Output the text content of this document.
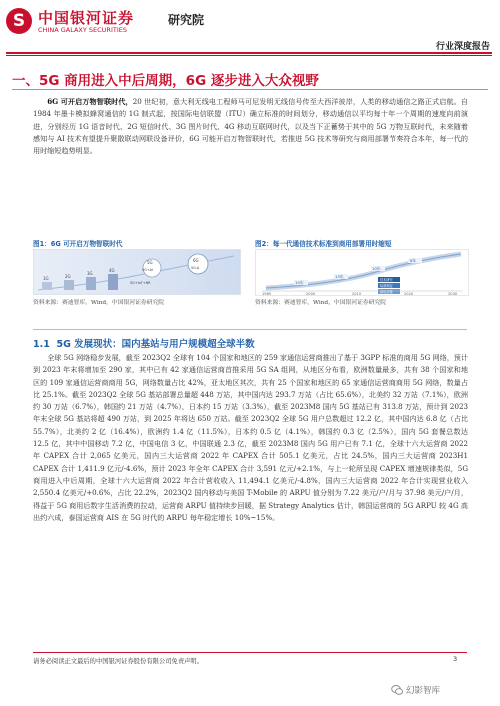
S 中国银河证券
CHINA GALAXY SECURITIES
研究院
行业深度报告
一、5G 商用进入中后周期，6G 逐步进入大众视野

6G 可开启万物智联时代，20 世纪初，意大利无线电工程师马可尼发明无线信号传至大西洋彼岸，人类的移动通信之路正式启航。自 1984 年墨卡模拟蜂窝通信的 1G 制式起，按国际电信联盟（ITU）确立标准的时间划分，移动通信以平均每十年一个周期的速度向前演进，分别经历 1G 语音时代、2G 短信时代、3G 图片时代、4G 移动互联网时代，以及当下正蓄势于其中的 5G 万物互联时代，未来随着感知与 AI 技术有望提升聚散联动网联设备评价，6G 可能开启万物智联时代，若推进 5G 技术等研究与商用部署节奏符合本年，每一代的用时缩短趋势明显。

图1：6G 可开启万物智联时代	图2：每一代通信技术标准到商用部署用时缩短
1G	2G
3G
4G
5G
5G+AI
6G
5G-A
5G+IoT+NR	15年
13年
10年
6年
技术研究
标准制定
商用部署
1985	2000	2010	2020	2030
资料来源：赛迪智库，Wind，中国银河证券研究院	资料来源：赛迪智库，Wind，中国银河证券研究院
1.1 5G 发展现状：国内基站与用户规模超全球半数

全球 5G 网络稳步发展，截至 2023Q2 全球有 104 个国家和地区的 259 家通信运营商推出了基于 3GPP 标准的商用 5G 网络，预计到 2023 年末将增加至 290 家，其中已有 42 家通信运营商首推采用 5G SA 组网，从地区分布看，欧洲数量最多，共有 38 个国家和地区的 109 家通信运营商商用 5G，网络数量占比 42%，亚太地区其次，共有 25 个国家和地区的 65 家通信运营商商用 5G 网络，数量占比 25.1%。截至 2023Q2 全球 5G 基站部署总量超 448 万站，其中国内达 293.7 万站（占比 65.6%），北美约 32 万站（7.1%），欧洲约 30 万站（6.7%），韩国约 21 万站（4.7%），日本约 15 万站（3.3%），截至 2023M8 国内 5G 基站已有 313.8 万站，预计到 2023 年末全球 5G 基站将超 490 万站，到 2025 年将达 650 万站。截至 2023Q2 全球 5G 用户总数超过 12.2 亿，其中国内达 6.8 亿（占比 55.7%），北美约 2 亿（16.4%），欧洲约 1.4 亿（11.5%），日本约 0.5 亿（4.1%），韩国约 0.3 亿（2.5%），国内 5G 套餐总数达 12.5 亿，其中中国移动 7.2 亿，中国电信 3 亿，中国联通 2.3 亿，截至 2023M8 国内 5G 用户已有 7.1 亿，全球十六大运营商 2022 年 CAPEX 合计 2,065 亿美元，国内三大运营商 2022 年 CAPEX 合计 505.1 亿美元，占比 24.5%，国内三大运营商 2023H1 CAPEX 合计 1,411.9 亿元/-4.6%，预计 2023 年全年 CAPEX 合计 3,591 亿元/+2.1%，与上一轮所呈现 CAPEX 增速规律类似，5G 商用进入中后周期，全球十六大运营商 2022 年合计营收收入 11,494.1 亿美元/-4.8%，国内三大运营商 2022 年合计实现营业收入 2,550.4 亿美元/+0.6%，占比 22.2%，2023Q2 国内移动与美国 T-Mobile 的 ARPU 值分别为 7.22 美元/户/月与 37.98 美元/户/月，得益于 5G 商用后数字生活消费的拉动，运营商 ARPU 值持续步回暖，据 Strategy Analytics 估计，韩国运营商的 5G ARPU 较 4G 高出约六成，泰国运营商 AIS 在 5G 时代的 ARPU 每年稳定增长 10%~15%。

请务必阅读正文最后的中国银河证券股份有限公司免责声明。	3
幻影智库
